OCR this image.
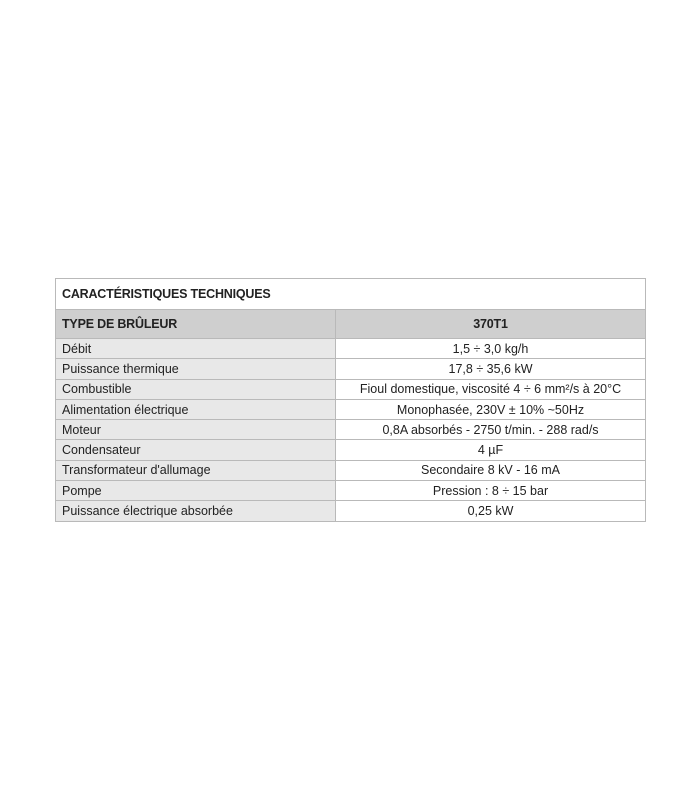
CARACTÉRISTIQUES TECHNIQUES	
TYPE DE BRÛLEUR	370T1
Débit	1,5 ÷ 3,0 kg/h
Puissance thermique	17,8 ÷ 35,6 kW
Combustible	Fioul domestique, viscosité 4 ÷ 6 mm²/s à 20°C
Alimentation électrique	Monophasée, 230V ± 10% ~50Hz
Moteur	0,8A absorbés - 2750 t/min. - 288 rad/s
Condensateur	4 µF
Transformateur d'allumage	Secondaire 8 kV - 16 mA
Pompe	Pression : 8 ÷ 15 bar
Puissance électrique absorbée	0,25 kW
